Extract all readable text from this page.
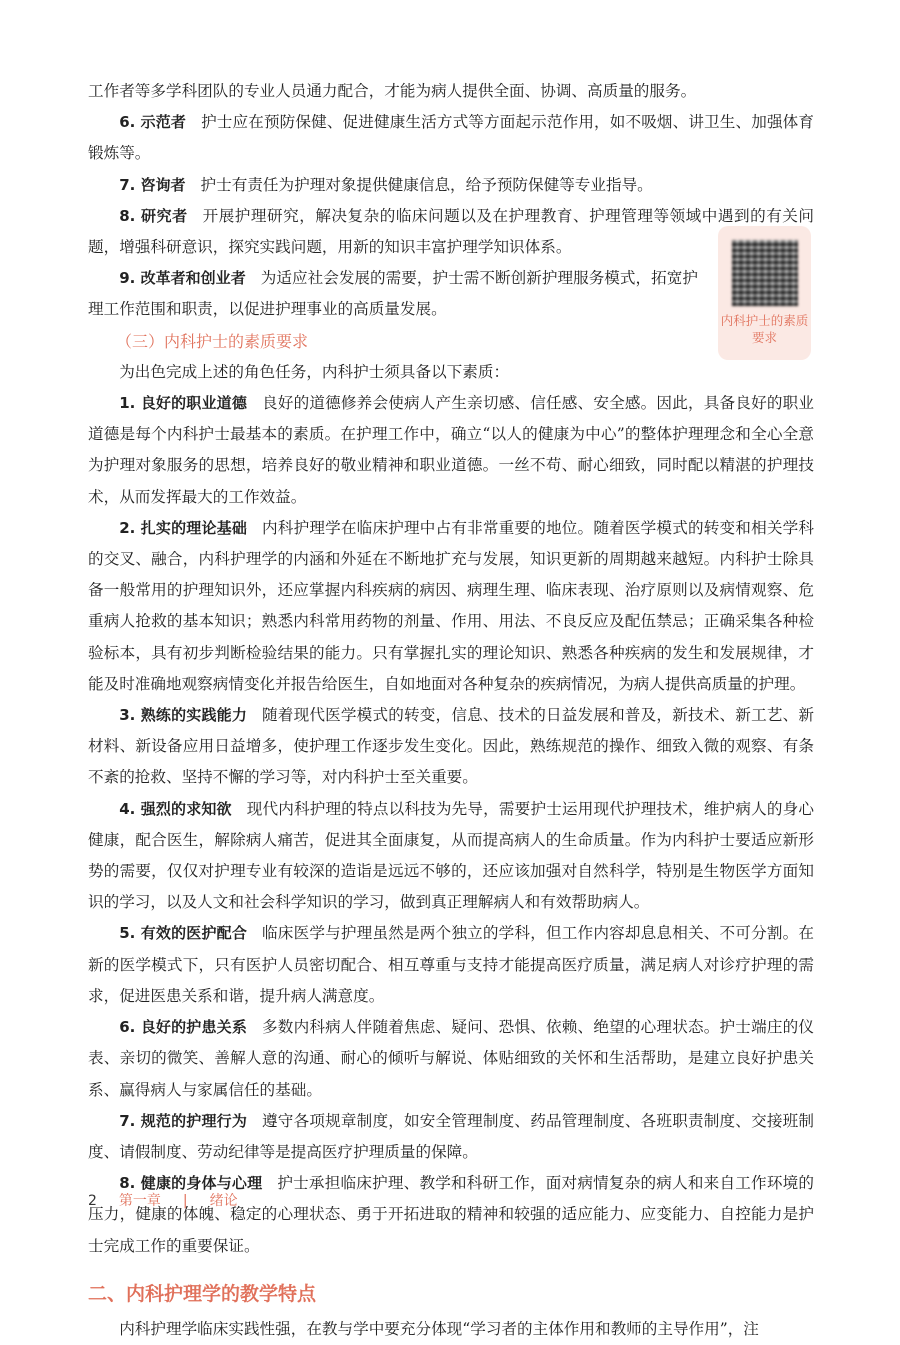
工作者等多学科团队的专业人员通力配合，才能为病人提供全面、协调、高质量的服务。

6. 示范者 护士应在预防保健、促进健康生活方式等方面起示范作用，如不吸烟、讲卫生、加强体育锻炼等。

7. 咨询者 护士有责任为护理对象提供健康信息，给予预防保健等专业指导。

8. 研究者 开展护理研究，解决复杂的临床问题以及在护理教育、护理管理等领域中遇到的有关问题，增强科研意识，探究实践问题，用新的知识丰富护理学知识体系。

9. 改革者和创业者 为适应社会发展的需要，护士需不断创新护理服务模式，拓宽护理工作范围和职责，以促进护理事业的高质量发展。

（三）内科护士的素质要求

为出色完成上述的角色任务，内科护士须具备以下素质：

1. 良好的职业道德 良好的道德修养会使病人产生亲切感、信任感、安全感。因此，具备良好的职业道德是每个内科护士最基本的素质。在护理工作中，确立“以人的健康为中心”的整体护理理念和全心全意为护理对象服务的思想，培养良好的敬业精神和职业道德。一丝不苟、耐心细致，同时配以精湛的护理技术，从而发挥最大的工作效益。

2. 扎实的理论基础 内科护理学在临床护理中占有非常重要的地位。随着医学模式的转变和相关学科的交叉、融合，内科护理学的内涵和外延在不断地扩充与发展，知识更新的周期越来越短。内科护士除具备一般常用的护理知识外，还应掌握内科疾病的病因、病理生理、临床表现、治疗原则以及病情观察、危重病人抢救的基本知识；熟悉内科常用药物的剂量、作用、用法、不良反应及配伍禁忌；正确采集各种检验标本，具有初步判断检验结果的能力。只有掌握扎实的理论知识、熟悉各种疾病的发生和发展规律，才能及时准确地观察病情变化并报告给医生，自如地面对各种复杂的疾病情况，为病人提供高质量的护理。

3. 熟练的实践能力 随着现代医学模式的转变，信息、技术的日益发展和普及，新技术、新工艺、新材料、新设备应用日益增多，使护理工作逐步发生变化。因此，熟练规范的操作、细致入微的观察、有条不紊的抢救、坚持不懈的学习等，对内科护士至关重要。

4. 强烈的求知欲 现代内科护理的特点以科技为先导，需要护士运用现代护理技术，维护病人的身心健康，配合医生，解除病人痛苦，促进其全面康复，从而提高病人的生命质量。作为内科护士要适应新形势的需要，仅仅对护理专业有较深的造诣是远远不够的，还应该加强对自然科学，特别是生物医学方面知识的学习，以及人文和社会科学知识的学习，做到真正理解病人和有效帮助病人。

5. 有效的医护配合 临床医学与护理虽然是两个独立的学科，但工作内容却息息相关、不可分割。在新的医学模式下，只有医护人员密切配合、相互尊重与支持才能提高医疗质量，满足病人对诊疗护理的需求，促进医患关系和谐，提升病人满意度。

6. 良好的护患关系 多数内科病人伴随着焦虑、疑问、恐惧、依赖、绝望的心理状态。护士端庄的仪表、亲切的微笑、善解人意的沟通、耐心的倾听与解说、体贴细致的关怀和生活帮助，是建立良好护患关系、赢得病人与家属信任的基础。

7. 规范的护理行为 遵守各项规章制度，如安全管理制度、药品管理制度、各班职责制度、交接班制度、请假制度、劳动纪律等是提高医疗护理质量的保障。

8. 健康的身体与心理 护士承担临床护理、教学和科研工作，面对病情复杂的病人和来自工作环境的压力，健康的体魄、稳定的心理状态、勇于开拓进取的精神和较强的适应能力、应变能力、自控能力是护士完成工作的重要保证。

二、内科护理学的教学特点

内科护理学临床实践性强，在教与学中要充分体现“学习者的主体作用和教师的主导作用”，注

内科护士的素质要求
2 第一章 | 绪论
